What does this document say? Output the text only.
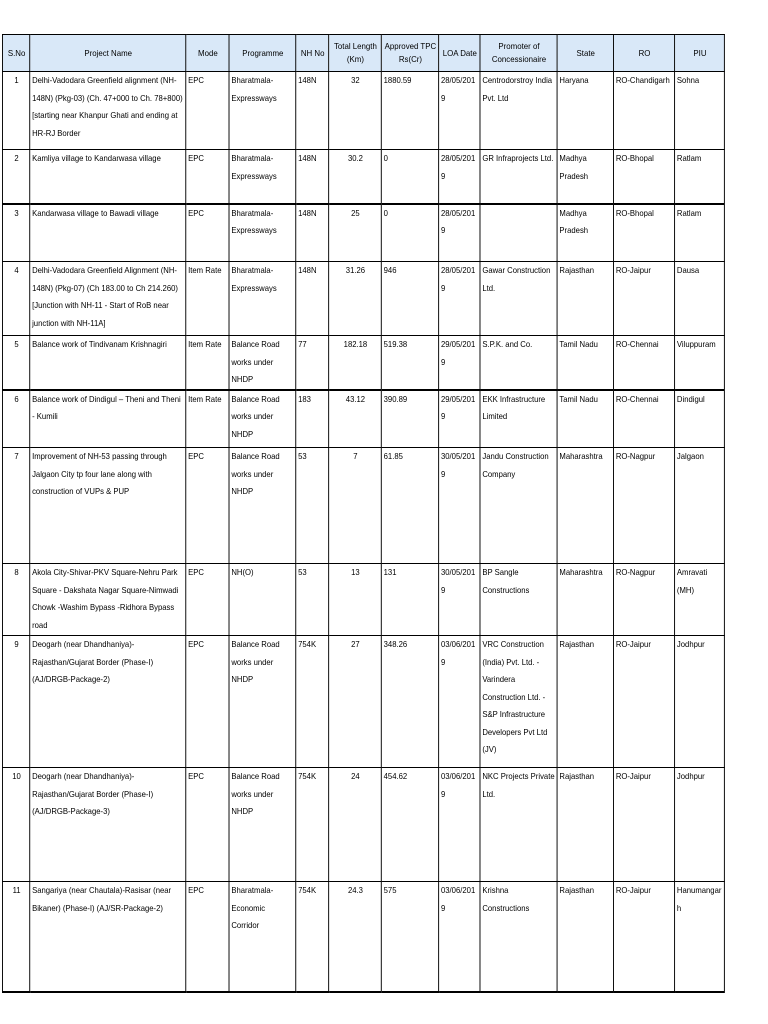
S.No	Project Name	Mode	Programme	NH No	Total Length (Km)	Approved TPC Rs(Cr)	LOA Date	Promoter of Concessionaire	State	RO	PIU
1	Delhi-Vadodara Greenfield alignment (NH-148N) (Pkg-03) (Ch. 47+000 to Ch. 78+800) [starting near Khanpur Ghati and ending at HR-RJ Border	EPC	Bharatmala-Expressways	148N	32	1880.59	28/05/2019	Centrodorstroy India Pvt. Ltd	Haryana	RO-Chandigarh	Sohna
2	Kamliya village to Kandarwasa village	EPC	Bharatmala-Expressways	148N	30.2	0	28/05/2019	GR Infraprojects Ltd.	Madhya Pradesh	RO-Bhopal	Ratlam
3	Kandarwasa village to Bawadi village	EPC	Bharatmala-Expressways	148N	25	0	28/05/2019		Madhya Pradesh	RO-Bhopal	Ratlam
4	Delhi-Vadodara Greenfield Alignment (NH-148N) (Pkg-07) (Ch 183.00 to Ch 214.260) [Junction with NH-11 - Start of RoB near junction with NH-11A]	Item Rate	Bharatmala-Expressways	148N	31.26	946	28/05/2019	Gawar Construction Ltd.	Rajasthan	RO-Jaipur	Dausa
5	Balance work of Tindivanam Krishnagiri	Item Rate	Balance Road works under NHDP	77	182.18	519.38	29/05/2019	S.P.K. and Co.	Tamil Nadu	RO-Chennai	Viluppuram
6	Balance work of Dindigul – Theni and Theni - Kumili	Item Rate	Balance Road works under NHDP	183	43.12	390.89	29/05/2019	EKK Infrastructure Limited	Tamil Nadu	RO-Chennai	Dindigul
7	Improvement of NH-53 passing through Jalgaon City tp four lane along with construction of VUPs & PUP	EPC	Balance Road works under NHDP	53	7	61.85	30/05/2019	Jandu Construction Company	Maharashtra	RO-Nagpur	Jalgaon
8	Akola City-Shivar-PKV Square-Nehru Park Square - Dakshata Nagar Square-Nimwadi Chowk -Washim Bypass -Ridhora Bypass road	EPC	NH(O)	53	13	131	30/05/2019	BP Sangle Constructions	Maharashtra	RO-Nagpur	Amravati (MH)
9	Deogarh (near Dhandhaniya)-Rajasthan/Gujarat Border (Phase-I) (AJ/DRGB-Package-2)	EPC	Balance Road works under NHDP	754K	27	348.26	03/06/2019	VRC Construction (India) Pvt. Ltd. - Varindera Construction Ltd. - S&P Infrastructure Developers Pvt Ltd (JV)	Rajasthan	RO-Jaipur	Jodhpur
10	Deogarh (near Dhandhaniya)-Rajasthan/Gujarat Border (Phase-I) (AJ/DRGB-Package-3)	EPC	Balance Road works under NHDP	754K	24	454.62	03/06/2019	NKC Projects Private Ltd.	Rajasthan	RO-Jaipur	Jodhpur
11	Sangariya (near Chautala)-Rasisar (near Bikaner) (Phase-I) (AJ/SR-Package-2)	EPC	Bharatmala-Economic Corridor	754K	24.3	575	03/06/2019	Krishna Constructions	Rajasthan	RO-Jaipur	Hanumangarh
